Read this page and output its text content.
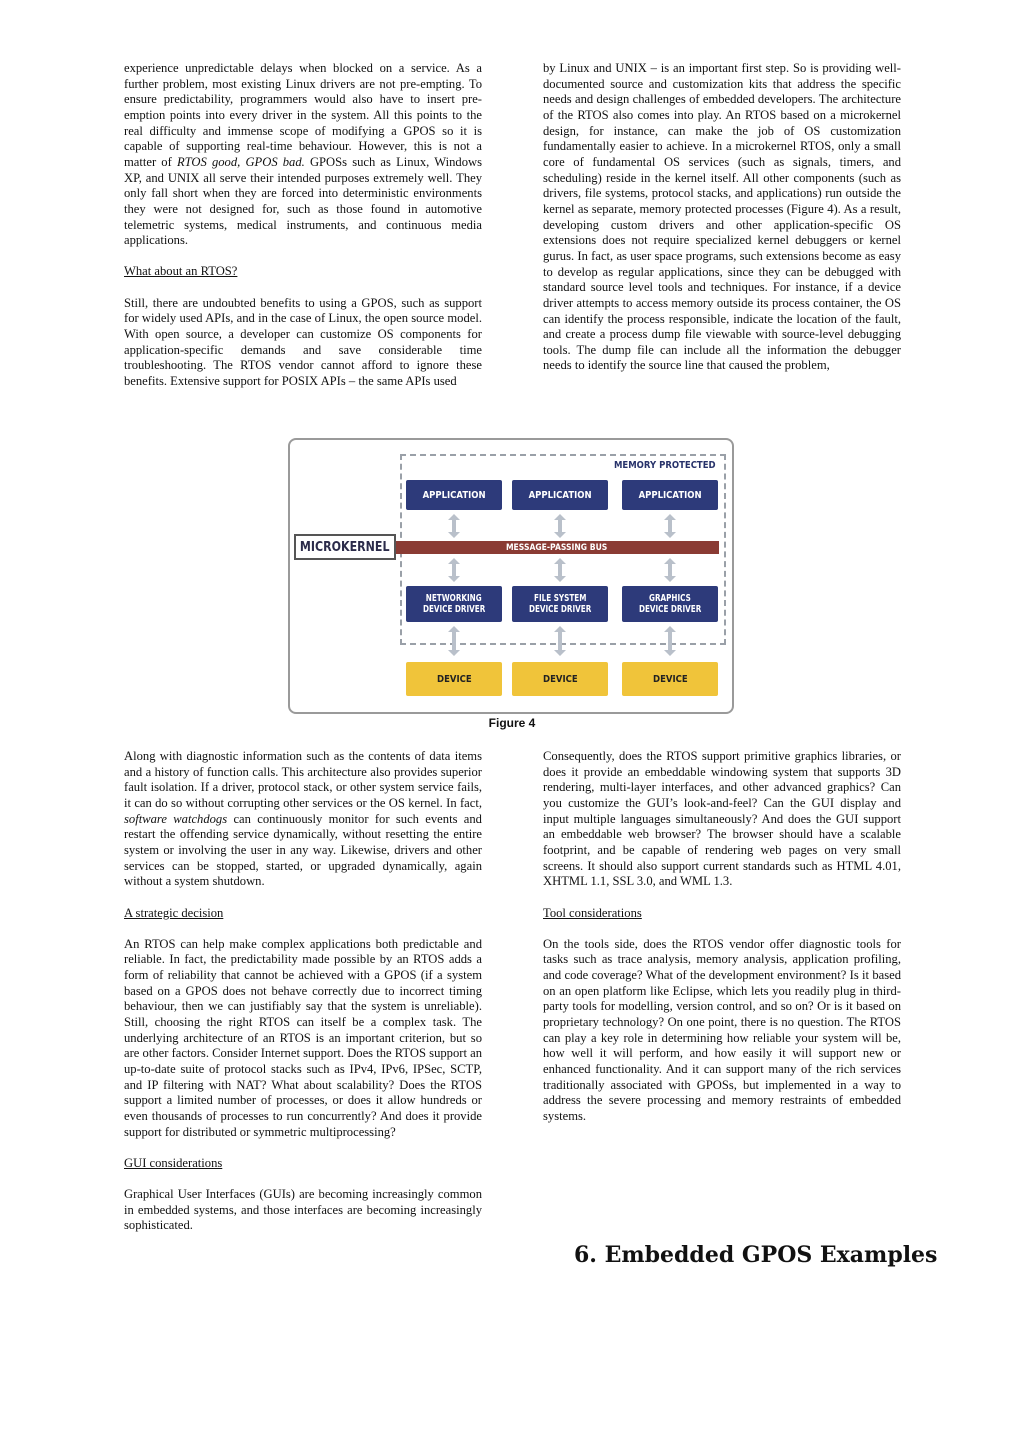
experience unpredictable delays when blocked on a service. As a further problem, most existing Linux drivers are not pre-empting. To ensure predictability, programmers would also have to insert pre-emption points into every driver in the system. All this points to the real difficulty and immense scope of modifying a GPOS so it is capable of supporting real-time behaviour. However, this is not a matter of RTOS good, GPOS bad. GPOSs such as Linux, Windows XP, and UNIX all serve their intended purposes extremely well. They only fall short when they are forced into deterministic environments they were not designed for, such as those found in automotive telemetric systems, medical instruments, and continuous media applications.

What about an RTOS?

Still, there are undoubted benefits to using a GPOS, such as support for widely used APIs, and in the case of Linux, the open source model. With open source, a developer can customize OS components for application-specific demands and save considerable time troubleshooting. The RTOS vendor cannot afford to ignore these benefits. Extensive support for POSIX APIs – the same APIs used

by Linux and UNIX – is an important first step. So is providing well-documented source and customization kits that address the specific needs and design challenges of embedded developers. The architecture of the RTOS also comes into play. An RTOS based on a microkernel design, for instance, can make the job of OS customization fundamentally easier to achieve. In a microkernel RTOS, only a small core of fundamental OS services (such as signals, timers, and scheduling) reside in the kernel itself. All other components (such as drivers, file systems, protocol stacks, and applications) run outside the kernel as separate, memory protected processes (Figure 4). As a result, developing custom drivers and other application-specific OS extensions does not require specialized kernel debuggers or kernel gurus. In fact, as user space programs, such extensions become as easy to develop as regular applications, since they can be debugged with standard source level tools and techniques. For instance, if a device driver attempts to access memory outside its process container, the OS can identify the process responsible, indicate the location of the fault, and create a process dump file viewable with source-level debugging tools. The dump file can include all the information the debugger needs to identify the source line that caused the problem,

MEMORY PROTECTED
APPLICATION	APPLICATION	APPLICATION
MESSAGE-PASSING BUS
MICROKERNEL
NETWORKING
DEVICE DRIVER
FILE SYSTEM
DEVICE DRIVER
GRAPHICS
DEVICE DRIVER
DEVICE	DEVICE	DEVICE
Figure 4

Along with diagnostic information such as the contents of data items and a history of function calls. This architecture also provides superior fault isolation. If a driver, protocol stack, or other system service fails, it can do so without corrupting other services or the OS kernel. In fact, software watchdogs can continuously monitor for such events and restart the offending service dynamically, without resetting the entire system or involving the user in any way. Likewise, drivers and other services can be stopped, started, or upgraded dynamically, again without a system shutdown.

A strategic decision

An RTOS can help make complex applications both predictable and reliable. In fact, the predictability made possible by an RTOS adds a form of reliability that cannot be achieved with a GPOS (if a system based on a GPOS does not behave correctly due to incorrect timing behaviour, then we can justifiably say that the system is unreliable). Still, choosing the right RTOS can itself be a complex task. The underlying architecture of an RTOS is an important criterion, but so are other factors. Consider Internet support. Does the RTOS support an up-to-date suite of protocol stacks such as IPv4, IPv6, IPSec, SCTP, and IP filtering with NAT? What about scalability? Does the RTOS support a limited number of processes, or does it allow hundreds or even thousands of processes to run concurrently? And does it provide support for distributed or symmetric multiprocessing?

GUI considerations

Graphical User Interfaces (GUIs) are becoming increasingly common in embedded systems, and those interfaces are becoming increasingly sophisticated.

Consequently, does the RTOS support primitive graphics libraries, or does it provide an embeddable windowing system that supports 3D rendering, multi-layer interfaces, and other advanced graphics? Can you customize the GUI’s look-and-feel? Can the GUI display and input multiple languages simultaneously? And does the GUI support an embeddable web browser? The browser should have a scalable footprint, and be capable of rendering web pages on very small screens. It should also support current standards such as HTML 4.01, XHTML 1.1, SSL 3.0, and WML 1.3.

Tool considerations

On the tools side, does the RTOS vendor offer diagnostic tools for tasks such as trace analysis, memory analysis, application profiling, and code coverage? What of the development environment? Is it based on an open platform like Eclipse, which lets you readily plug in third-party tools for modelling, version control, and so on? Or is it based on proprietary technology? On one point, there is no question. The RTOS can play a key role in determining how reliable your system will be, how well it will perform, and how easily it will support new or enhanced functionality. And it can support many of the rich services traditionally associated with GPOSs, but implemented in a way to address the severe processing and memory restraints of embedded systems.

6. Embedded GPOS Examples
